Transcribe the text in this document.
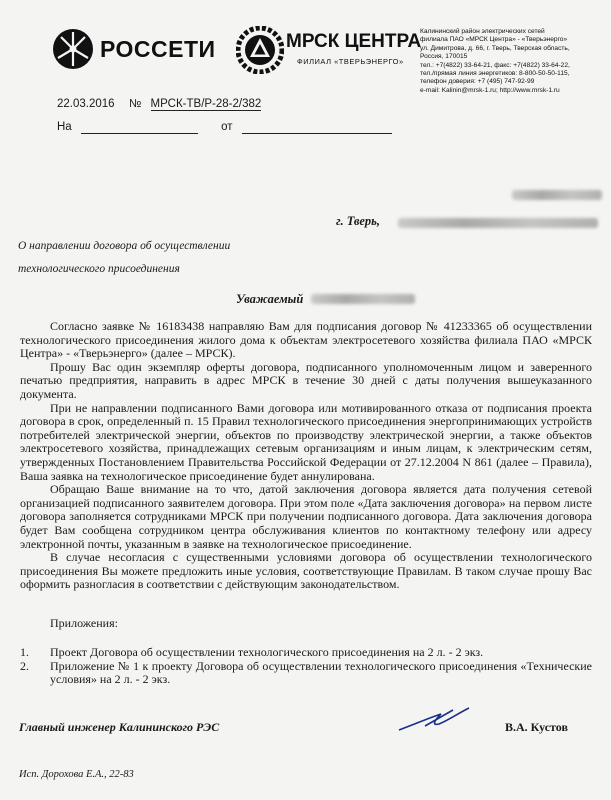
РОССЕТИ	МРСК ЦЕНТРА
ФИЛИАЛ «ТВЕРЬЭНЕРГО»
Калининский район электрических сетей
филиала ПАО «МРСК Центра» - «Тверьэнерго»
ул. Димитрова, д. 66, г. Тверь, Тверская область,
Россия, 170015
тел.: +7(4822) 33-64-21, факс: +7(4822) 33-64-22,
тел./прямая линия энергетиков: 8-800-50-50-115,
телефон доверия: +7 (495) 747-92-99
e-mail: Kalinin@mrsk-1.ru; http://www.mrsk-1.ru
22.03.2016 № МРСК-ТВ/Р-28-2/382
На	от
г. Тверь,
О направлении договора об осуществлении
технологического присоединения
Уважаемый

Согласно заявке № 16183438 направляю Вам для подписания договор № 41233365 об осуществлении технологического присоединения жилого дома к объектам электросетевого хозяйства филиала ПАО «МРСК Центра» - «Тверьэнерго» (далее – МРСК).

Прошу Вас один экземпляр оферты договора, подписанного уполномоченным лицом и заверенного печатью предприятия, направить в адрес МРСК в течение 30 дней с даты получения вышеуказанного документа.

При не направлении подписанного Вами договора или мотивированного отказа от подписания проекта договора в срок, определенный п. 15 Правил технологического присоединения энергопринимающих устройств потребителей электрической энергии, объектов по производству электрической энергии, а также объектов электросетевого хозяйства, принадлежащих сетевым организациям и иным лицам, к электрическим сетям, утвержденных Постановлением Правительства Российской Федерации от 27.12.2004 N 861 (далее – Правила), Ваша заявка на технологическое присоединение будет аннулирована.

Обращаю Ваше внимание на то что, датой заключения договора является дата получения сетевой организацией подписанного заявителем договора. При этом поле «Дата заключения договора» на первом листе договора заполняется сотрудниками МРСК при получении подписанного договора. Дата заключения договора будет Вам сообщена сотрудником центра обслуживания клиентов по контактному телефону или адресу электронной почты, указанным в заявке на технологическое присоединение.

В случае несогласия с существенными условиями договора об осуществлении технологического присоединения Вы можете предложить иные условия, соответствующие Правилам. В таком случае прошу Вас оформить разногласия в соответствии с действующим законодательством.

Приложения:
1.	Проект Договора об осуществлении технологического присоединения на 2 л. - 2 экз.
2.	Приложение № 1 к проекту Договора об осуществлении технологического присоединения «Технические условия» на 2 л. - 2 экз.
Главный инженер Калининского РЭС	В.А. Кустов
Исп. Дорохова Е.А., 22-83
